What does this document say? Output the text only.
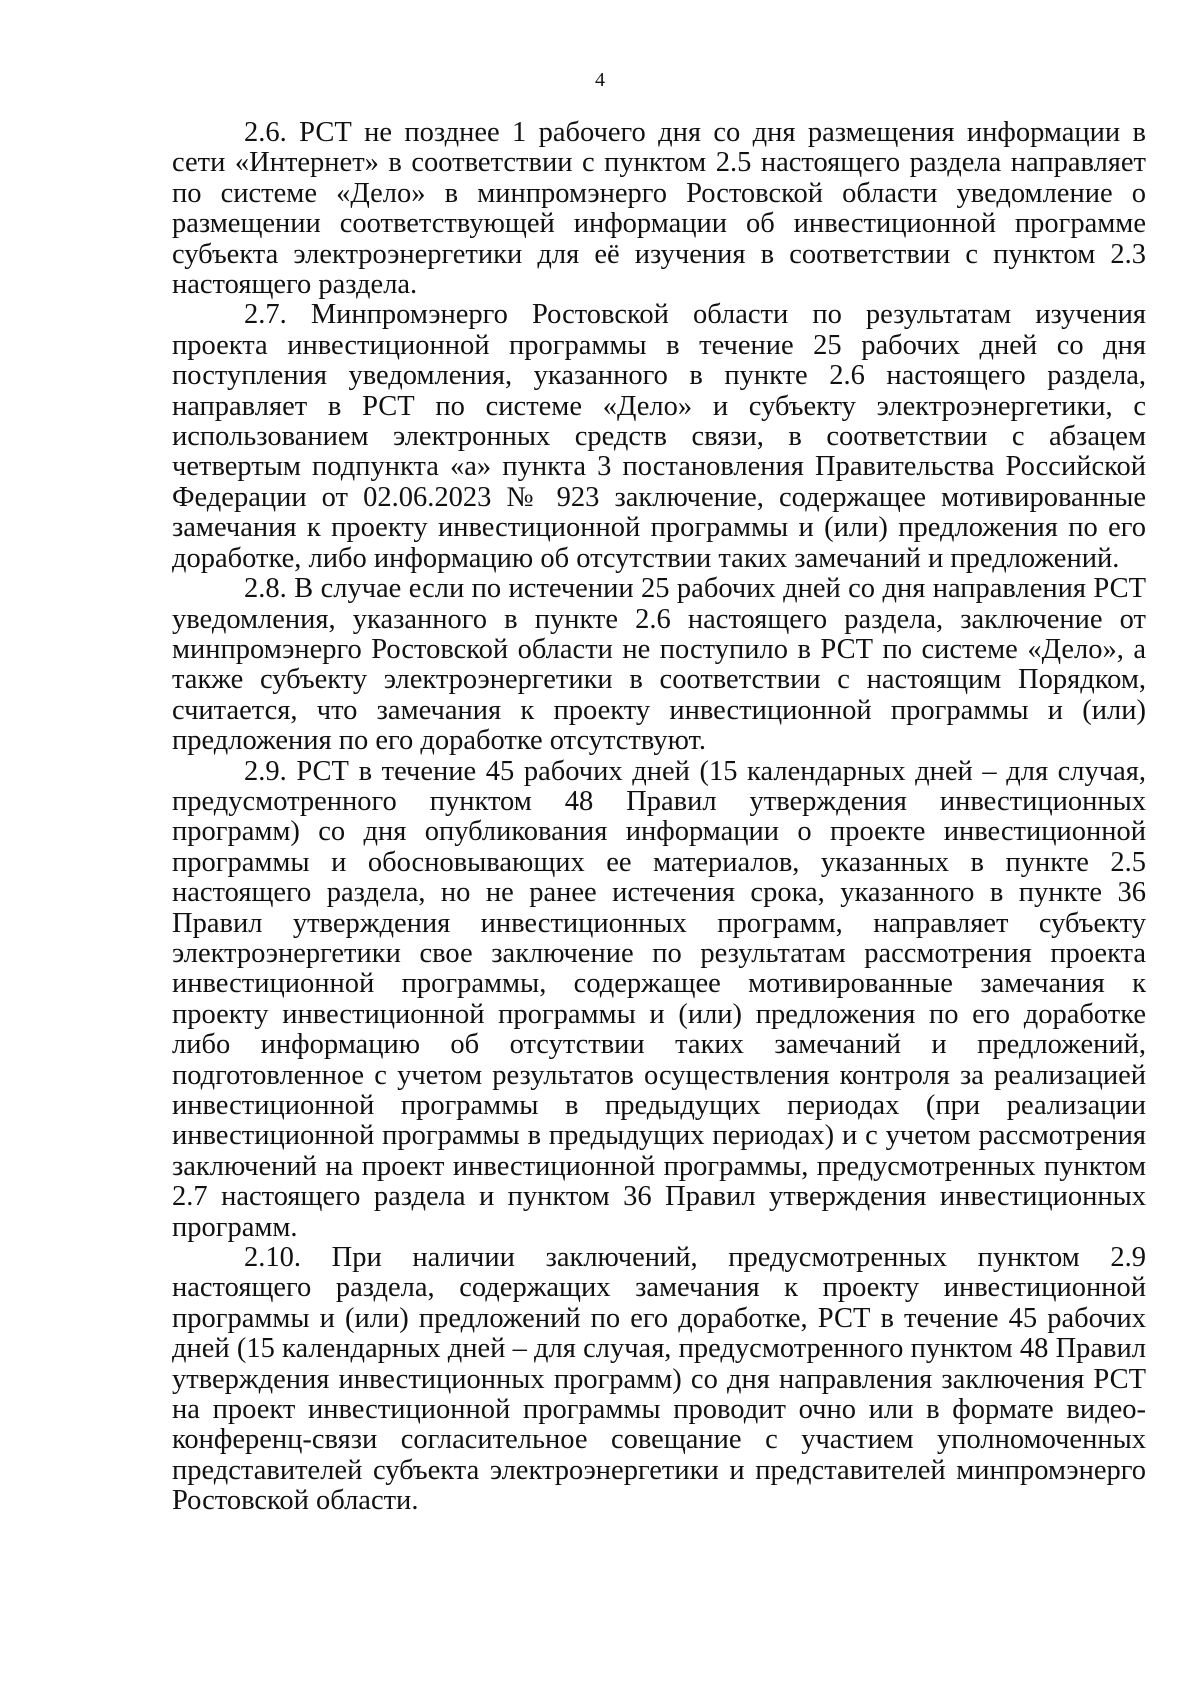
4

2.6. РСТ не позднее 1 рабочего дня со дня размещения информации в сети «Интернет» в соответствии с пунктом 2.5 настоящего раздела направляет по системе «Дело» в минпромэнерго Ростовской области уведомление о размещении соответствующей информации об инвестиционной программе субъекта электроэнергетики для её изучения в соответствии с пунктом 2.3 настоящего раздела.

2.7. Минпромэнерго Ростовской области по результатам изучения проекта инвестиционной программы в течение 25 рабочих дней со дня поступления уведомления, указанного в пункте 2.6 настоящего раздела, направляет в РСТ по системе «Дело» и субъекту электроэнергетики, с использованием электронных средств связи, в соответствии с абзацем четвертым подпункта «а» пункта 3 постановления Правительства Российской Федерации от 02.06.2023 № 923 заключение, содержащее мотивированные замечания к проекту инвестиционной программы и (или) предложения по его доработке, либо информацию об отсутствии таких замечаний и предложений.

2.8. В случае если по истечении 25 рабочих дней со дня направления РСТ уведомления, указанного в пункте 2.6 настоящего раздела, заключение от минпромэнерго Ростовской области не поступило в РСТ по системе «Дело», а также субъекту электроэнергетики в соответствии с настоящим Порядком, считается, что замечания к проекту инвестиционной программы и (или) предложения по его доработке отсутствуют.

2.9. РСТ в течение 45 рабочих дней (15 календарных дней – для случая, предусмотренного пунктом 48 Правил утверждения инвестиционных программ) со дня опубликования информации о проекте инвестиционной программы и обосновывающих ее материалов, указанных в пункте 2.5 настоящего раздела, но не ранее истечения срока, указанного в пункте 36 Правил утверждения инвестиционных программ, направляет субъекту электроэнергетики свое заключение по результатам рассмотрения проекта инвестиционной программы, содержащее мотивированные замечания к проекту инвестиционной программы и (или) предложения по его доработке либо информацию об отсутствии таких замечаний и предложений, подготовленное с учетом результатов осуществления контроля за реализацией инвестиционной программы в предыдущих периодах (при реализации инвестиционной программы в предыдущих периодах) и с учетом рассмотрения заключений на проект инвестиционной программы, предусмотренных пунктом 2.7 настоящего раздела и пунктом 36 Правил утверждения инвестиционных программ.

2.10. При наличии заключений, предусмотренных пунктом 2.9 настоящего раздела, содержащих замечания к проекту инвестиционной программы и (или) предложений по его доработке, РСТ в течение 45 рабочих дней (15 календарных дней – для случая, предусмотренного пунктом 48 Правил утверждения инвестиционных программ) со дня направления заключения РСТ на проект инвестиционной программы проводит очно или в формате видео-конференц-связи согласительное совещание с участием уполномоченных представителей субъекта электроэнергетики и представителей минпромэнерго Ростовской области.
